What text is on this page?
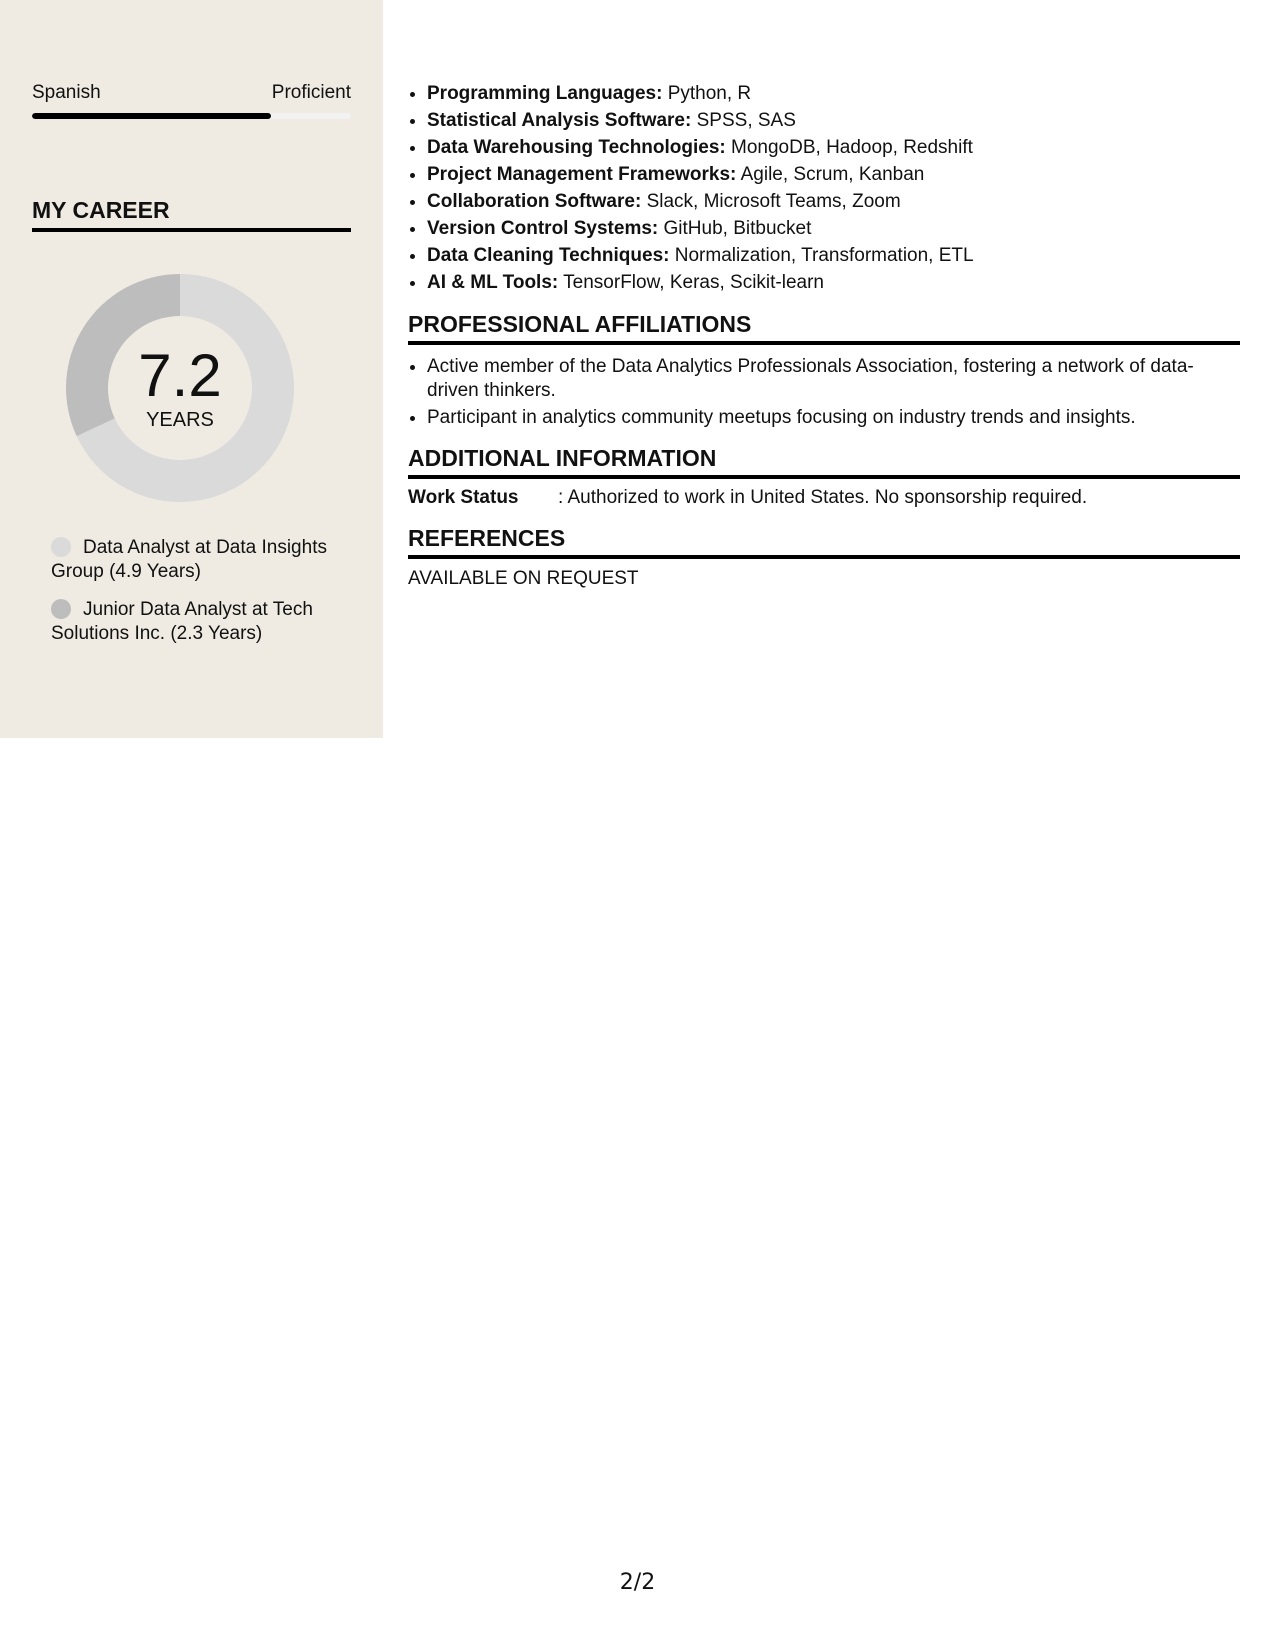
Spanish	Proficient
MY CAREER
7.2
YEARS
Data Analyst at Data Insights Group (4.9 Years)
Junior Data Analyst at Tech Solutions Inc. (2.3 Years)
• Programming Languages: Python, R
• Statistical Analysis Software: SPSS, SAS
• Data Warehousing Technologies: MongoDB, Hadoop, Redshift
• Project Management Frameworks: Agile, Scrum, Kanban
• Collaboration Software: Slack, Microsoft Teams, Zoom
• Version Control Systems: GitHub, Bitbucket
• Data Cleaning Techniques: Normalization, Transformation, ETL
• AI & ML Tools: TensorFlow, Keras, Scikit-learn
PROFESSIONAL AFFILIATIONS
• Active member of the Data Analytics Professionals Association, fostering a network of data-driven thinkers.
• Participant in analytics community meetups focusing on industry trends and insights.
ADDITIONAL INFORMATION
Work Status	: Authorized to work in United States. No sponsorship required.
REFERENCES
AVAILABLE ON REQUEST
2/2
